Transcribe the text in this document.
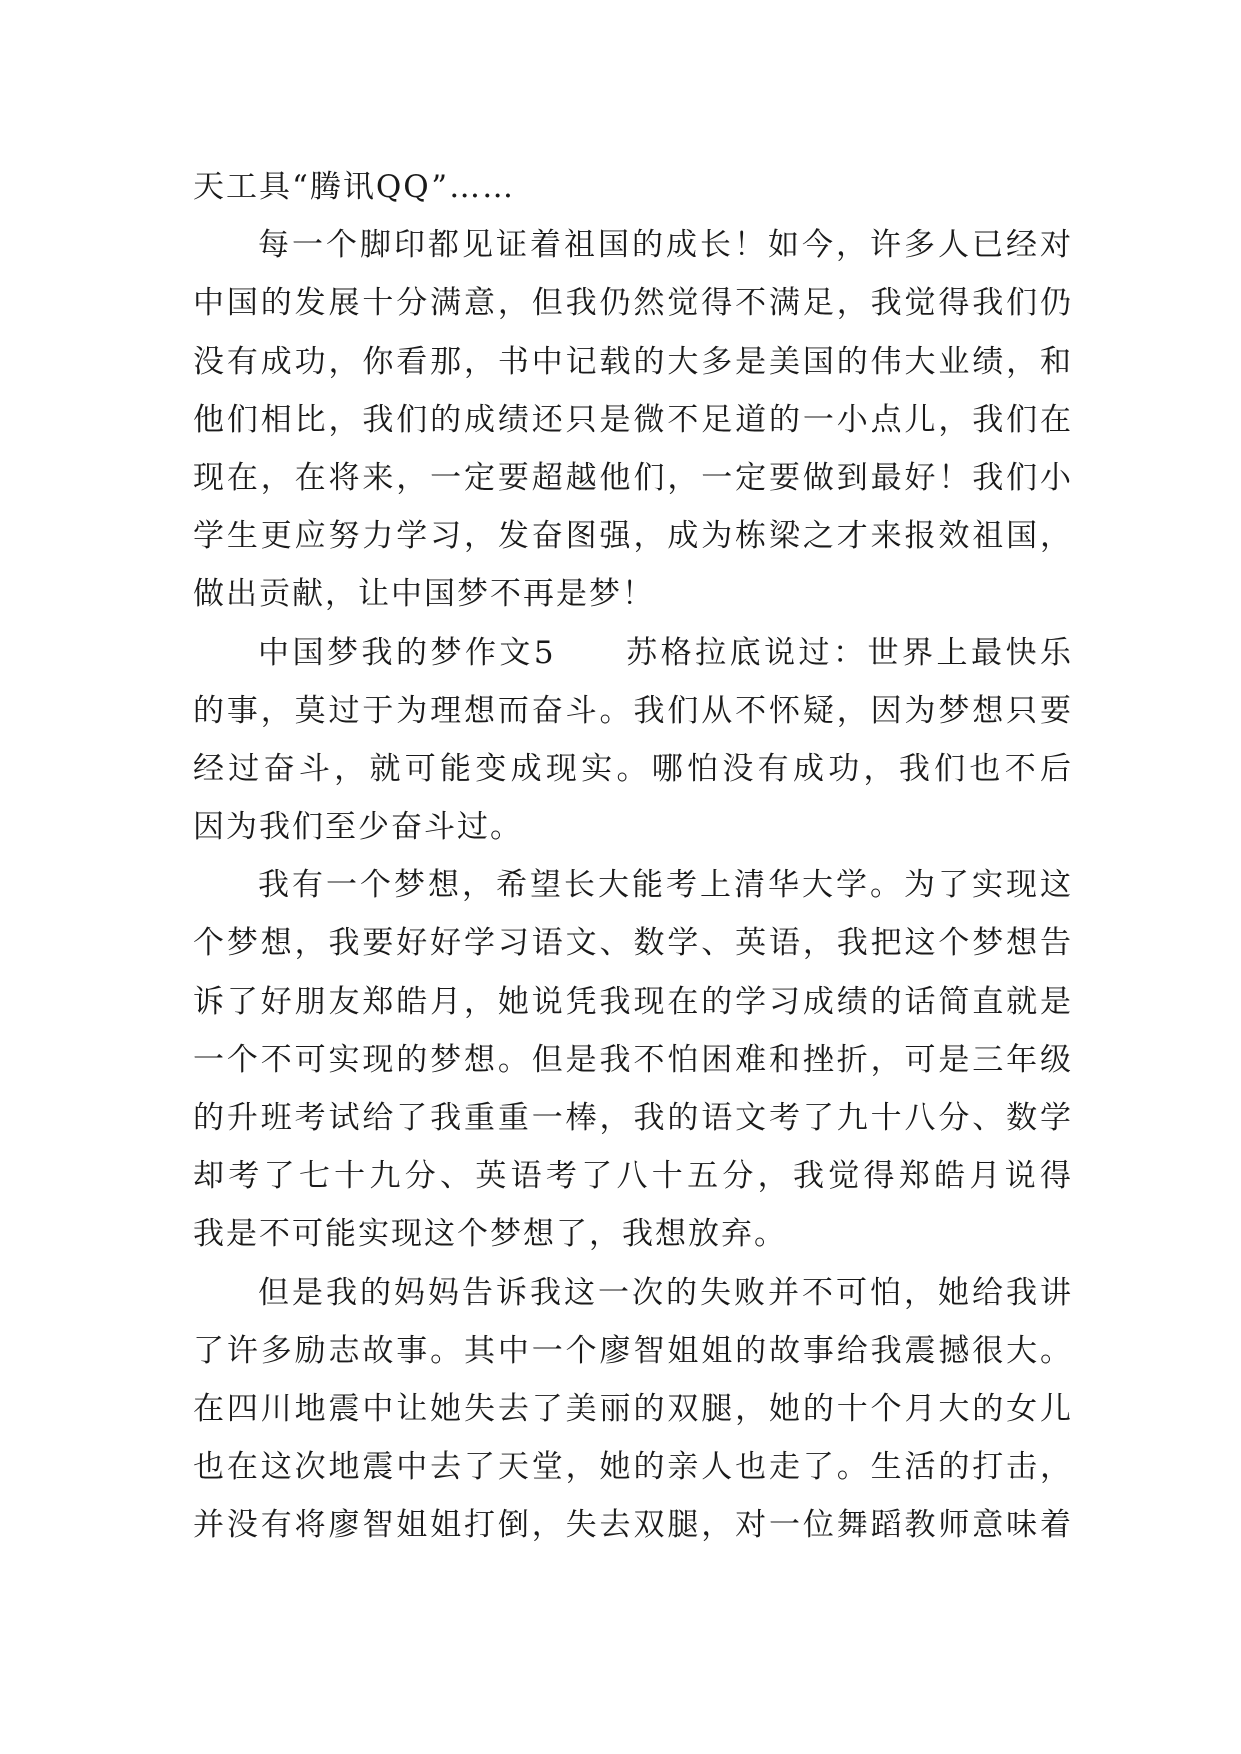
天工具“腾讯QQ”……
每一个脚印都见证着祖国的成长！如今，许多人已经对
中国的发展十分满意，但我仍然觉得不满足，我觉得我们仍
没有成功，你看那，书中记载的大多是美国的伟大业绩，和
他们相比，我们的成绩还只是微不足道的一小点儿，我们在
现在，在将来，一定要超越他们，一定要做到最好！我们小
学生更应努力学习，发奋图强，成为栋梁之才来报效祖国，
做出贡献，让中国梦不再是梦！
中国梦我的梦作文5　　苏格拉底说过：世界上最快乐
的事，莫过于为理想而奋斗。我们从不怀疑，因为梦想只要
经过奋斗，就可能变成现实。哪怕没有成功，我们也不后
因为我们至少奋斗过。
我有一个梦想，希望长大能考上清华大学。为了实现这
个梦想，我要好好学习语文、数学、英语，我把这个梦想告
诉了好朋友郑皓月，她说凭我现在的学习成绩的话简直就是
一个不可实现的梦想。但是我不怕困难和挫折，可是三年级
的升班考试给了我重重一棒，我的语文考了九十八分、数学
却考了七十九分、英语考了八十五分，我觉得郑皓月说得
我是不可能实现这个梦想了，我想放弃。
但是我的妈妈告诉我这一次的失败并不可怕，她给我讲
了许多励志故事。其中一个廖智姐姐的故事给我震撼很大。
在四川地震中让她失去了美丽的双腿，她的十个月大的女儿
也在这次地震中去了天堂，她的亲人也走了。生活的打击，
并没有将廖智姐姐打倒，失去双腿，对一位舞蹈教师意味着
